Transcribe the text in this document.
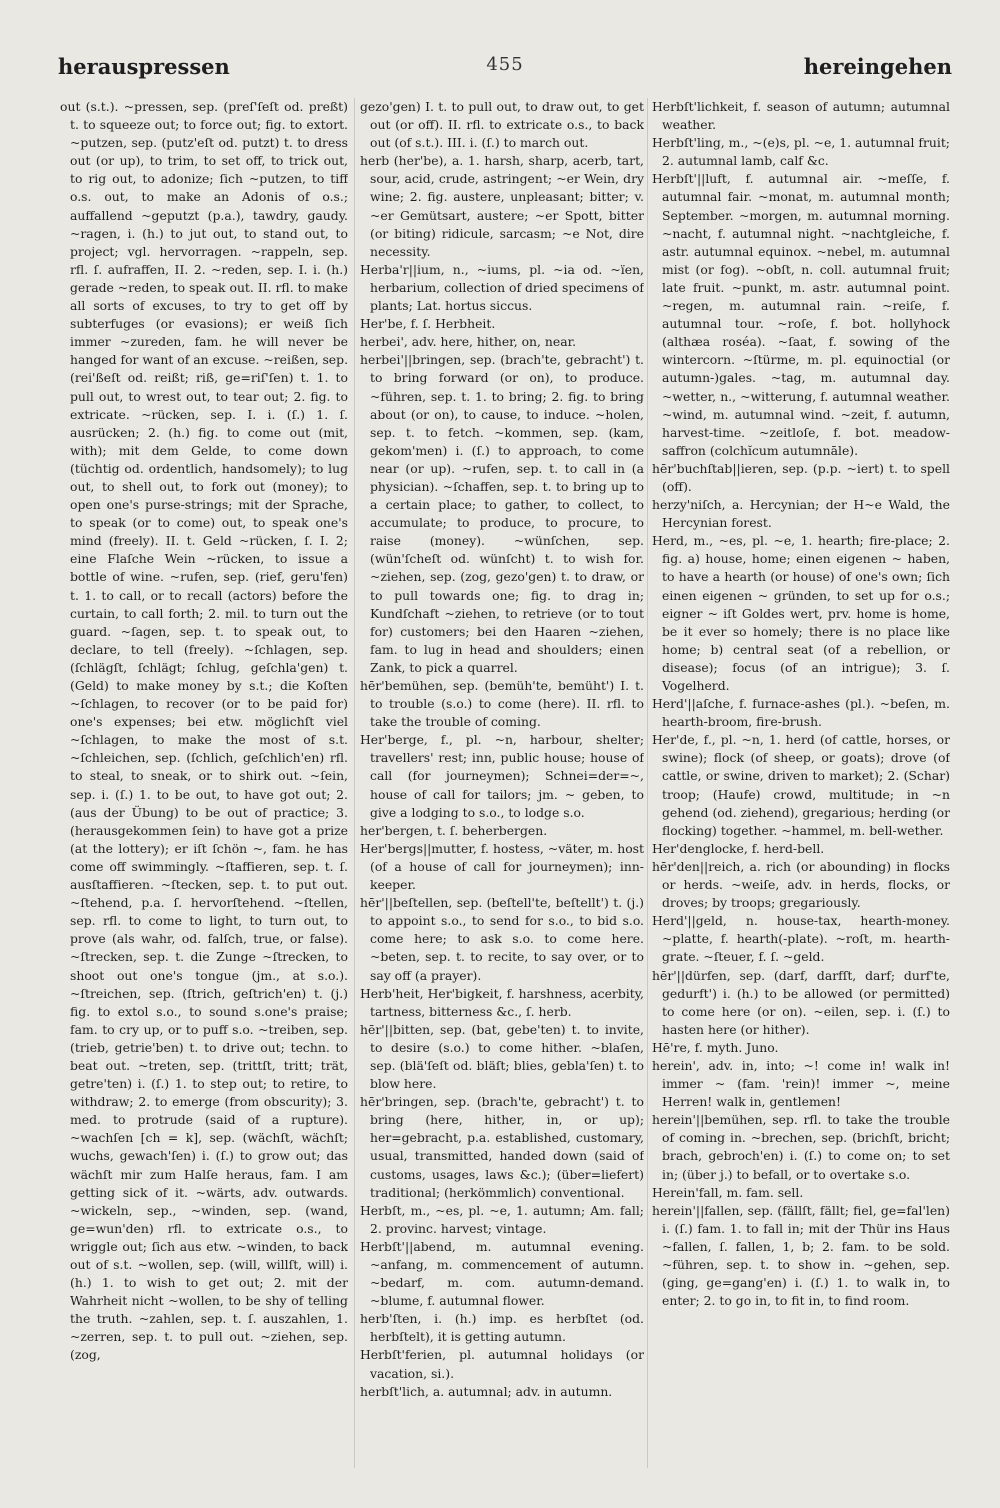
herauspressen	455	hereingehen

out (s.t.). ~pressen, sep. (preſ'ſeſt od. preßt) t. to squeeze out; to force out; fig. to extort. ~putzen, sep. (putz'eſt od. putzt) t. to dress out (or up), to trim, to set off, to trick out, to rig out, to adonize; ſich ~putzen, to tiff o.s. out, to make an Adonis of o.s.; auffallend ~geputzt (p.a.), tawdry, gaudy. ~ragen, i. (h.) to jut out, to stand out, to project; vgl. hervorragen. ~rappeln, sep. rfl. ſ. aufraffen, II. 2. ~reden, sep. I. i. (h.) gerade ~reden, to speak out. II. rfl. to make all sorts of excuses, to try to get off by subterfuges (or evasions); er weiß ſich immer ~zureden, fam. he will never be hanged for want of an excuse. ~reißen, sep. (rei'ßeſt od. reißt; riß, ge=riſ'ſen) t. 1. to pull out, to wrest out, to tear out; 2. fig. to extricate. ~rücken, sep. I. i. (ſ.) 1. ſ. ausrücken; 2. (h.) fig. to come out (mit, with); mit dem Gelde, to come down (tüchtig od. ordentlich, handsomely); to lug out, to shell out, to fork out (money); to open one's purse-strings; mit der Sprache, to speak (or to come) out, to speak one's mind (freely). II. t. Geld ~rücken, ſ. I. 2; eine Flaſche Wein ~rücken, to issue a bottle of wine. ~rufen, sep. (rief, geru'fen) t. 1. to call, or to recall (actors) before the curtain, to call forth; 2. mil. to turn out the guard. ~ſagen, sep. t. to speak out, to declare, to tell (freely). ~ſchlagen, sep. (ſchlägſt, ſchlägt; ſchlug, geſchla'gen) t. (Geld) to make money by s.t.; die Koſten ~ſchlagen, to recover (or to be paid for) one's expenses; bei etw. möglichſt viel ~ſchlagen, to make the most of s.t. ~ſchleichen, sep. (ſchlich, geſchlich'en) rfl. to steal, to sneak, or to shirk out. ~ſein, sep. i. (ſ.) 1. to be out, to have got out; 2. (aus der Übung) to be out of practice; 3. (herausgekommen ſein) to have got a prize (at the lottery); er iſt ſchön ~, fam. he has come off swimmingly. ~ſtaffieren, sep. t. ſ. ausſtaffieren. ~ſtecken, sep. t. to put out. ~ſtehend, p.a. ſ. hervorſtehend. ~ſtellen, sep. rfl. to come to light, to turn out, to prove (als wahr, od. falſch, true, or false). ~ſtrecken, sep. t. die Zunge ~ſtrecken, to shoot out one's tongue (jm., at s.o.). ~ſtreichen, sep. (ſtrich, geſtrich'en) t. (j.) fig. to extol s.o., to sound s.one's praise; fam. to cry up, or to puff s.o. ~treiben, sep. (trieb, getrie'ben) t. to drive out; techn. to beat out. ~treten, sep. (trittſt, tritt; trät, getre'ten) i. (ſ.) 1. to step out; to retire, to withdraw; 2. to emerge (from obscurity); 3. med. to protrude (said of a rupture). ~wachſen [ch = k], sep. (wächſt, wächſt; wuchs, gewach'ſen) i. (ſ.) to grow out; das wächſt mir zum Halſe heraus, fam. I am getting sick of it. ~wärts, adv. outwards. ~wickeln, sep., ~winden, sep. (wand, ge=wun'den) rfl. to extricate o.s., to wriggle out; ſich aus etw. ~winden, to back out of s.t. ~wollen, sep. (will, willſt, will) i. (h.) 1. to wish to get out; 2. mit der Wahrheit nicht ~wollen, to be shy of telling the truth. ~zahlen, sep. t. ſ. auszahlen, 1. ~zerren, sep. t. to pull out. ~ziehen, sep. (zog,

gezo'gen) I. t. to pull out, to draw out, to get out (or off). II. rfl. to extricate o.s., to back out (of s.t.). III. i. (ſ.) to march out.

herb (her'be), a. 1. harsh, sharp, acerb, tart, sour, acid, crude, astringent; ~er Wein, dry wine; 2. fig. austere, unpleasant; bitter; v. ~er Gemütsart, austere; ~er Spott, bitter (or biting) ridicule, sarcasm; ~e Not, dire necessity.

Herba'r||ium, n., ~iums, pl. ~ia od. ~ïen, herbarium, collection of dried specimens of plants; Lat. hortus siccus.

Her'be, f. ſ. Herbheit.

herbei', adv. here, hither, on, near.

herbei'||bringen, sep. (brach'te, gebracht') t. to bring forward (or on), to produce. ~führen, sep. t. 1. to bring; 2. fig. to bring about (or on), to cause, to induce. ~holen, sep. t. to fetch. ~kommen, sep. (kam, gekom'men) i. (ſ.) to approach, to come near (or up). ~rufen, sep. t. to call in (a physician). ~ſchaffen, sep. t. to bring up to a certain place; to gather, to collect, to accumulate; to produce, to procure, to raise (money). ~wünſchen, sep. (wün'ſcheſt od. wünſcht) t. to wish for. ~ziehen, sep. (zog, gezo'gen) t. to draw, or to pull towards one; fig. to drag in; Kundſchaft ~ziehen, to retrieve (or to tout for) customers; bei den Haaren ~ziehen, fam. to lug in head and shoulders; einen Zank, to pick a quarrel.

hēr'bemühen, sep. (bemüh'te, bemüht') I. t. to trouble (s.o.) to come (here). II. rfl. to take the trouble of coming.

Her'berge, f., pl. ~n, harbour, shelter; travellers' rest; inn, public house; house of call (for journeymen); Schnei=der=~, house of call for tailors; jm. ~ geben, to give a lodging to s.o., to lodge s.o.

her'bergen, t. ſ. beherbergen.

Her'bergs||mutter, f. hostess, ~väter, m. host (of a house of call for journeymen); inn-keeper.

hēr'||beſtellen, sep. (beſtell'te, beſtellt') t. (j.) to appoint s.o., to send for s.o., to bid s.o. come here; to ask s.o. to come here. ~beten, sep. t. to recite, to say over, or to say off (a prayer).

Herb'heit, Her'bigkeit, f. harshness, acerbity, tartness, bitterness &c., ſ. herb.

hēr'||bitten, sep. (bat, gebe'ten) t. to invite, to desire (s.o.) to come hither. ~blaſen, sep. (blä'ſeſt od. bläſt; blies, gebla'ſen) t. to blow here.

hēr'bringen, sep. (brach'te, gebracht') t. to bring (here, hither, in, or up); her=gebracht, p.a. established, customary, usual, transmitted, handed down (said of customs, usages, laws &c.); (über=liefert) traditional; (herkömmlich) conventional.

Herbſt, m., ~es, pl. ~e, 1. autumn; Am. fall; 2. provinc. harvest; vintage.

Herbſt'||abend, m. autumnal evening. ~anfang, m. commencement of autumn. ~bedarf, m. com. autumn-demand. ~blume, f. autumnal flower.

herb'ſten, i. (h.) imp. es herbſtet (od. herbſtelt), it is getting autumn.

Herbſt'ferien, pl. autumnal holidays (or vacation, si.).

herbſt'lich, a. autumnal; adv. in autumn.

Herbſt'lichkeit, f. season of autumn; autumnal weather.

Herbſt'ling, m., ~(e)s, pl. ~e, 1. autumnal fruit; 2. autumnal lamb, calf &c.

Herbſt'||luft, f. autumnal air. ~meſſe, f. autumnal fair. ~monat, m. autumnal month; September. ~morgen, m. autumnal morning. ~nacht, f. autumnal night. ~nachtgleiche, f. astr. autumnal equinox. ~nebel, m. autumnal mist (or fog). ~obſt, n. coll. autumnal fruit; late fruit. ~punkt, m. astr. autumnal point. ~regen, m. autumnal rain. ~reiſe, f. autumnal tour. ~roſe, f. bot. hollyhock (althæa roséa). ~ſaat, f. sowing of the wintercorn. ~ſtürme, m. pl. equinoctial (or autumn-)gales. ~tag, m. autumnal day. ~wetter, n., ~witterung, f. autumnal weather. ~wind, m. autumnal wind. ~zeit, f. autumn, harvest-time. ~zeitloſe, f. bot. meadow-saffron (colchĭcum autumnāle).

hēr'buchſtab||ieren, sep. (p.p. ~iert) t. to spell (off).

herzy'niſch, a. Hercynian; der H~e Wald, the Hercynian forest.

Herd, m., ~es, pl. ~e, 1. hearth; fire-place; 2. fig. a) house, home; einen eigenen ~ haben, to have a hearth (or house) of one's own; ſich einen eigenen ~ gründen, to set up for o.s.; eigner ~ iſt Goldes wert, prv. home is home, be it ever so homely; there is no place like home; b) central seat (of a rebellion, or disease); focus (of an intrigue); 3. ſ. Vogelherd.

Herd'||aſche, f. furnace-ashes (pl.). ~beſen, m. hearth-broom, fire-brush.

Her'de, f., pl. ~n, 1. herd (of cattle, horses, or swine); flock (of sheep, or goats); drove (of cattle, or swine, driven to market); 2. (Schar) troop; (Haufe) crowd, multitude; in ~n gehend (od. ziehend), gregarious; herding (or flocking) together. ~hammel, m. bell-wether.

Her'denglocke, f. herd-bell.

hēr'den||reich, a. rich (or abounding) in flocks or herds. ~weiſe, adv. in herds, flocks, or droves; by troops; gregariously.

Herd'||geld, n. house-tax, hearth-money. ~platte, f. hearth(-plate). ~roſt, m. hearth-grate. ~ſteuer, f. ſ. ~geld.

hēr'||dürfen, sep. (darf, darfſt, darf; durf'te, gedurft') i. (h.) to be allowed (or permitted) to come here (or on). ~eilen, sep. i. (ſ.) to hasten here (or hither).

Hē're, f. myth. Juno.

herein', adv. in, into; ~! come in! walk in! immer ~ (fam. 'rein)! immer ~, meine Herren! walk in, gentlemen!

herein'||bemühen, sep. rfl. to take the trouble of coming in. ~brechen, sep. (brichſt, bricht; brach, gebroch'en) i. (ſ.) to come on; to set in; (über j.) to befall, or to overtake s.o.

Herein'fall, m. fam. sell.

herein'||fallen, sep. (fällſt, fällt; fiel, ge=fal'len) i. (ſ.) fam. 1. to fall in; mit der Thür ins Haus ~fallen, ſ. fallen, 1, b; 2. fam. to be sold. ~führen, sep. t. to show in. ~gehen, sep. (ging, ge=gang'en) i. (ſ.) 1. to walk in, to enter; 2. to go in, to fit in, to find room.
